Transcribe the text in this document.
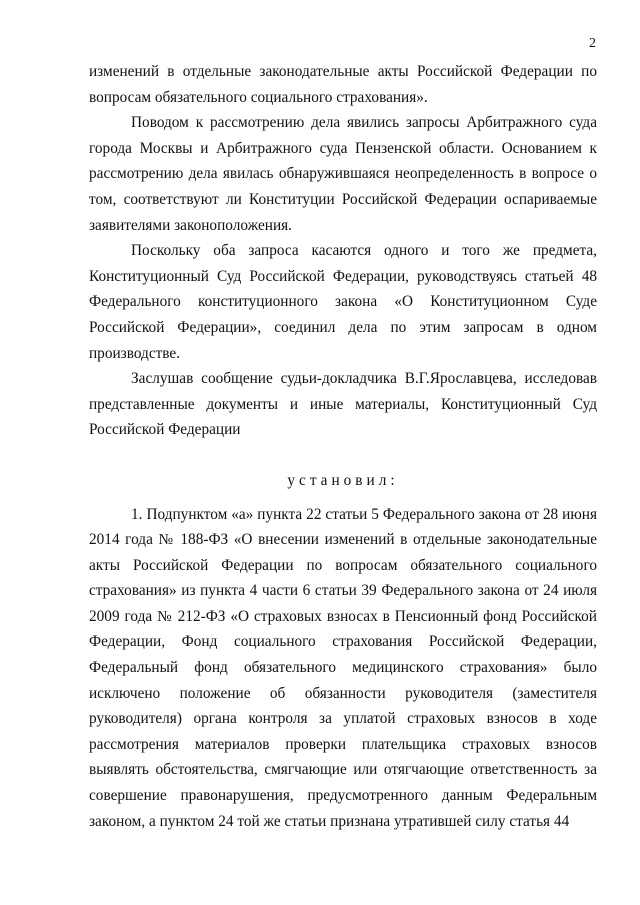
2

изменений в отдельные законодательные акты Российской Федерации по вопросам обязательного социального страхования».

Поводом к рассмотрению дела явились запросы Арбитражного суда города Москвы и Арбитражного суда Пензенской области. Основанием к рассмотрению дела явилась обнаружившаяся неопределенность в вопросе о том, соответствуют ли Конституции Российской Федерации оспариваемые заявителями законоположения.

Поскольку оба запроса касаются одного и того же предмета, Конституционный Суд Российской Федерации, руководствуясь статьей 48 Федерального конституционного закона «О Конституционном Суде Российской Федерации», соединил дела по этим запросам в одном производстве.

Заслушав сообщение судьи-докладчика В.Г.Ярославцева, исследовав представленные документы и иные материалы, Конституционный Суд Российской Федерации

установил:

1. Подпунктом «а» пункта 22 статьи 5 Федерального закона от 28 июня 2014 года № 188-ФЗ «О внесении изменений в отдельные законодательные акты Российской Федерации по вопросам обязательного социального страхования» из пункта 4 части 6 статьи 39 Федерального закона от 24 июля 2009 года № 212-ФЗ «О страховых взносах в Пенсионный фонд Российской Федерации, Фонд социального страхования Российской Федерации, Федеральный фонд обязательного медицинского страхования» было исключено положение об обязанности руководителя (заместителя руководителя) органа контроля за уплатой страховых взносов в ходе рассмотрения материалов проверки плательщика страховых взносов выявлять обстоятельства, смягчающие или отягчающие ответственность за совершение правонарушения, предусмотренного данным Федеральным законом, а пунктом 24 той же статьи признана утратившей силу статья 44
